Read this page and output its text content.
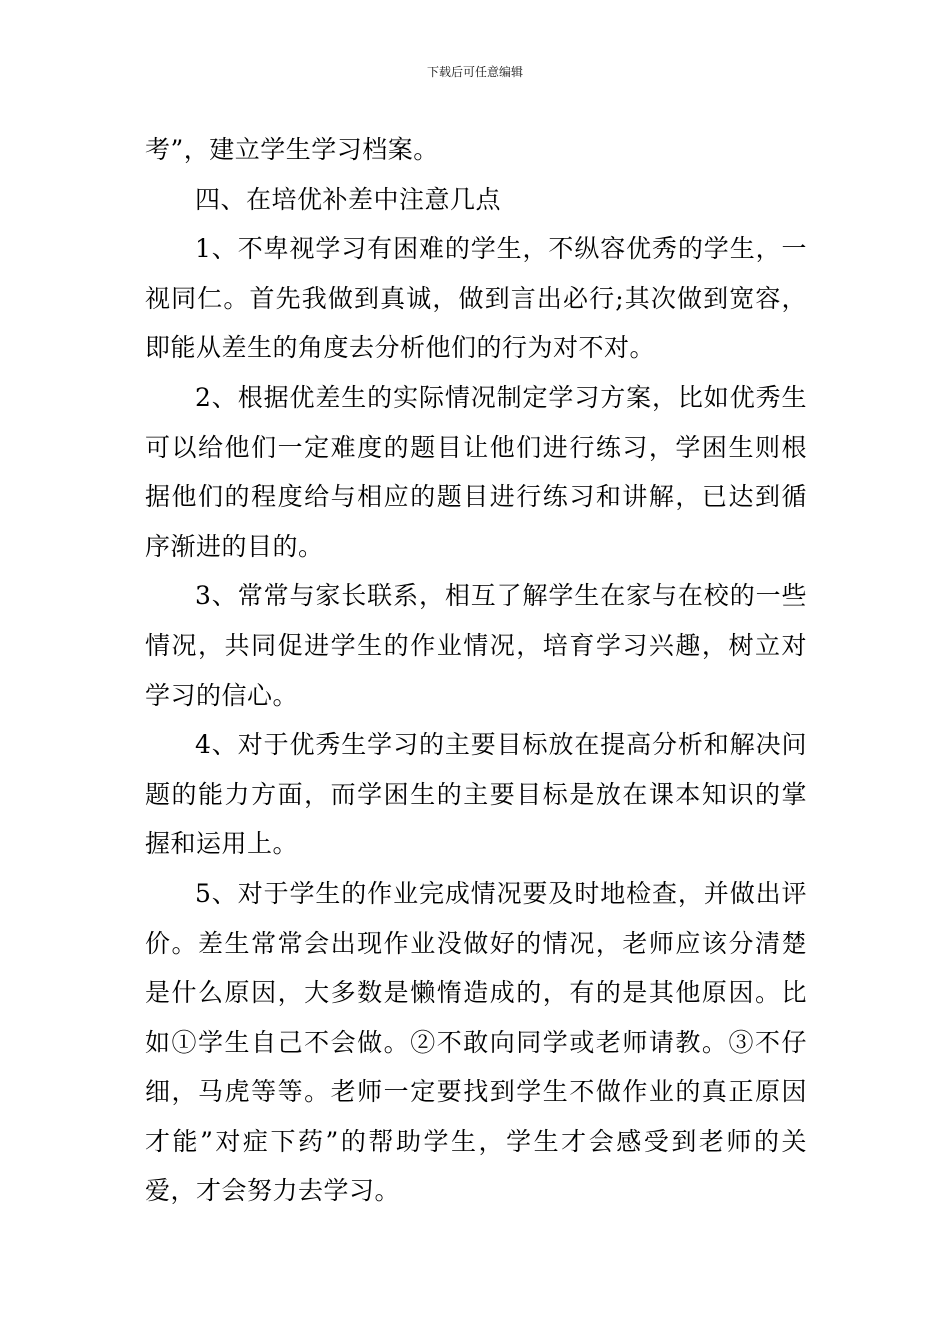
下载后可任意编辑

考”，建立学生学习档案。

四、在培优补差中注意几点

1、不卑视学习有困难的学生，不纵容优秀的学生，一视同仁。首先我做到真诚，做到言出必行;其次做到宽容，即能从差生的角度去分析他们的行为对不对。

2、根据优差生的实际情况制定学习方案，比如优秀生可以给他们一定难度的题目让他们进行练习，学困生则根据他们的程度给与相应的题目进行练习和讲解，已达到循序渐进的目的。

3、常常与家长联系，相互了解学生在家与在校的一些情况，共同促进学生的作业情况，培育学习兴趣，树立对学习的信心。

4、对于优秀生学习的主要目标放在提高分析和解决问题的能力方面，而学困生的主要目标是放在课本知识的掌握和运用上。

5、对于学生的作业完成情况要及时地检查，并做出评价。差生常常会出现作业没做好的情况，老师应该分清楚是什么原因，大多数是懒惰造成的，有的是其他原因。比如①学生自己不会做。②不敢向同学或老师请教。③不仔细，马虎等等。老师一定要找到学生不做作业的真正原因才能”对症下药”的帮助学生，学生才会感受到老师的关爱，才会努力去学习。
